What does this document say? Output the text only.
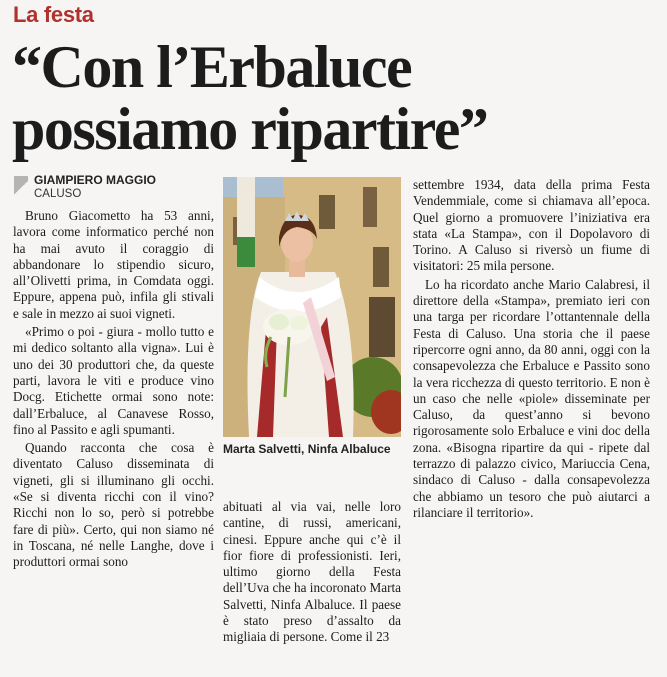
La festa
“Con l’Erbaluce
possiamo ripartire”
GIAMPIERO MAGGIO
CALUSO

Bruno Giacometto ha 53 anni, lavora come informatico perché non ha mai avuto il coraggio di abbandonare lo stipendio sicuro, all’Olivetti prima, in Comdata oggi. Eppure, appena può, infila gli stivali e sale in mezzo ai suoi vigneti.

«Primo o poi - giura - mollo tutto e mi dedico soltanto alla vigna». Lui è uno dei 30 produttori che, da queste parti, lavora le viti e produce vino Docg. Etichette ormai sono note: dall’Erbaluce, al Canavese Rosso, fino al Passito e agli spumanti.

Quando racconta che cosa è diventato Caluso disseminata di vigneti, gli si illuminano gli occhi. «Se si diventa ricchi con il vino? Ricchi non lo so, però si potrebbe fare di più». Certo, qui non siamo né in Toscana, né nelle Langhe, dove i produttori ormai sono

Marta Salvetti, Ninfa Albaluce

abituati al via vai, nelle loro cantine, di russi, americani, cinesi. Eppure anche qui c’è il fior fiore di professionisti. Ieri, ultimo giorno della Festa dell’Uva che ha incoronato Marta Salvetti, Ninfa Albaluce. Il paese è stato preso d’assalto da migliaia di persone. Come il 23

settembre 1934, data della prima Festa Vendemmiale, come si chiamava all’epoca. Quel giorno a promuovere l’iniziativa era stata «La Stampa», con il Dopolavoro di Torino. A Caluso si riversò un fiume di visitatori: 25 mila persone.

Lo ha ricordato anche Mario Calabresi, il direttore della «Stampa», premiato ieri con una targa per ricordare l’ottantennale della Festa di Caluso. Una storia che il paese ripercorre ogni anno, da 80 anni, oggi con la consapevolezza che Erbaluce e Passito sono la vera ricchezza di questo territorio. E non è un caso che nelle «piole» disseminate per Caluso, da quest’anno si bevono rigorosamente solo Erbaluce e vini doc della zona. «Bisogna ripartire da qui - ripete dal terrazzo di palazzo civico, Mariuccia Cena, sindaco di Caluso - dalla consapevolezza che abbiamo un tesoro che può aiutarci a rilanciare il territorio».
